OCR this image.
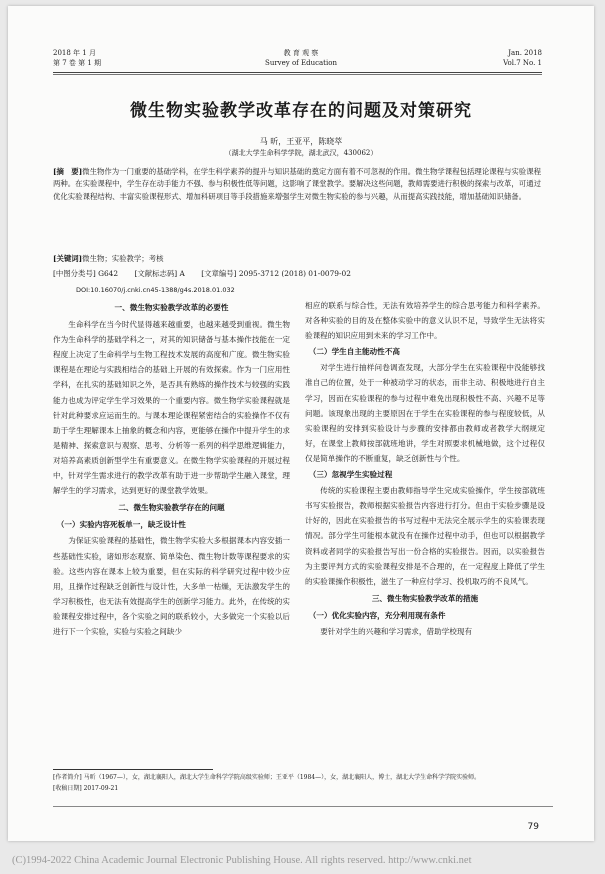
2018 年 1 月
第 7 卷 第 1 期
教 育 观 察
Survey of Education
Jan. 2018
Vol.7 No. 1
微生物实验教学改革存在的问题及对策研究
马 昕，王亚平，陈晓萃
（湖北大学生命科学学院，湖北武汉，430062）
[摘　要]微生物作为一门重要的基础学科，在学生科学素养的提升与知识基础的奠定方面有着不可忽视的作用。微生物学课程包括理论课程与实验课程两种。在实验课程中，学生存在动手能力不强、参与积极性低等问题，这影响了课堂教学。要解决这些问题，教师需要进行积极的探索与改革，可通过优化实验课程结构、丰富实验课程形式、增加科研项目等手段措施来增强学生对微生物实验的参与兴趣，从而提高实践技能，增加基础知识储备。
[关键词]微生物；实验教学；考核
[中图分类号] G642 [文献标志码] A [文章编号] 2095-3712 (2018) 01-0079-02
DOI:10.16070/j.cnki.cn45-1388/g4s.2018.01.032

一、微生物实验教学改革的必要性

生命科学在当今时代显得越来越重要，也越来越受到重视。微生物作为生命科学的基础学科之一，对其的知识储备与基本操作技能在一定程度上决定了生命科学与生物工程技术发展的高度和广度。微生物实验课程是在理论与实践相结合的基础上开展的有效探索。作为一门应用性学科，在扎实的基础知识之外，是否具有熟练的操作技术与较强的实践能力也成为评定学生学习效果的一个重要内容。微生物学实验课程就是针对此种要求应运而生的。与课本理论课程紧密结合的实验操作不仅有助于学生理解课本上抽象的概念和内容，更能够在操作中提升学生的求是精神、探索意识与观察、思考、分析等一系列的科学思维逻辑能力，对培养高素质创新型学生有重要意义。在微生物学实验课程的开展过程中，针对学生需求进行的教学改革有助于进一步帮助学生融入课堂，理解学生的学习需求，达到更好的课堂教学效果。

二、微生物实验教学存在的问题

（一）实验内容死板单一，缺乏设计性

为保证实验课程的基础性，微生物学实验大多根据课本内容安插一些基础性实验，诸如形态观察、简单染色、微生物计数等课程要求的实验。这些内容在课本上较为重要，但在实际的科学研究过程中较少应用，且操作过程缺乏创新性与设计性，大多单一枯燥，无法激发学生的学习积极性，也无法有效提高学生的创新学习能力。此外，在传统的实验课程安排过程中，各个实验之间的联系较小，大多做完一个实验以后进行下一个实验，实验与实验之间缺少

相应的联系与综合性，无法有效培养学生的综合思考能力和科学素养。对各种实验的目的及在整体实验中的意义认识不足，导致学生无法将实验课程的知识应用到未来的学习工作中。

（二）学生自主能动性不高

对学生进行抽样问卷调查发现，大部分学生在实验课程中没能够找准自己的位置，处于一种被动学习的状态，而非主动、积极地进行自主学习，因而在实验课程的参与过程中难免出现积极性不高、兴趣不足等问题。该现象出现的主要原因在于学生在实验课程的参与程度较低，从实验课程的安排到实验设计与步骤的安排都由教师或者教学大纲规定好，在课堂上教师按部就班地讲，学生对照要求机械地做，这个过程仅仅是简单操作的不断重复，缺乏创新性与个性。

（三）忽视学生实验过程

传统的实验课程主要由教师指导学生完成实验操作，学生按部就班书写实验报告，教师根据实验报告内容进行打分。但由于实验步骤是设计好的，因此在实验报告的书写过程中无法完全展示学生的实验课表现情况。部分学生可能根本就没有在操作过程中动手，但也可以根据教学资料或者同学的实验报告写出一份合格的实验报告。因而，以实验报告为主要评判方式的实验课程安排是不合理的，在一定程度上降低了学生的实验课操作积极性，滋生了一种应付学习、投机取巧的不良风气。

三、微生物实验教学改革的措施

（一）优化实验内容，充分利用现有条件

要针对学生的兴趣和学习需求，借助学校现有

[作者简介] 马昕（1967—），女，湖北襄阳人，湖北大学生命科学学院高级实验师；王亚平（1984—），女，湖北襄阳人，博士，湖北大学生命科学学院实验师。
[收稿日期] 2017-09-21
79
(C)1994-2022 China Academic Journal Electronic Publishing House. All rights reserved. http://www.cnki.net
